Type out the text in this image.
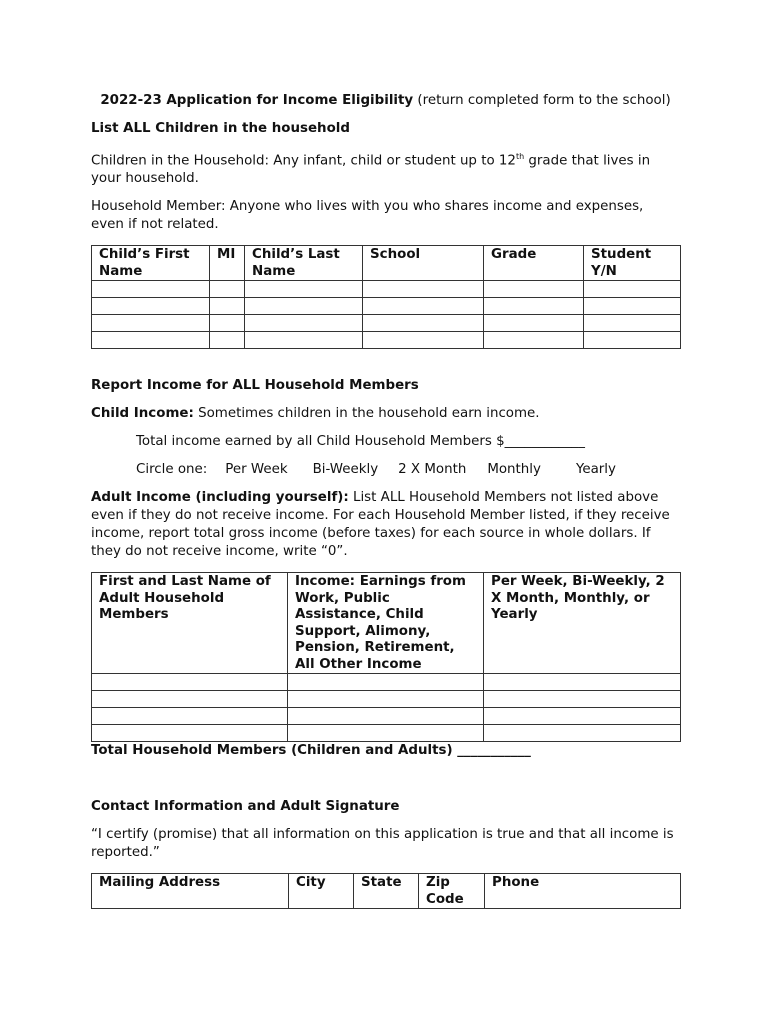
2022-23 Application for Income Eligibility (return completed form to the school)

List ALL Children in the household

Children in the Household: Any infant, child or student up to 12th grade that lives in your household.

Household Member: Anyone who lives with you who shares income and expenses, even if not related.

Child’s First Name	MI	Child’s Last Name	School	Grade	Student Y/N

Report Income for ALL Household Members

Child Income: Sometimes children in the household earn income.

Total income earned by all Child Household Members $____________

Circle one: Per Week Bi-Weekly 2 X Month Monthly	Yearly

Adult Income (including yourself): List ALL Household Members not listed above even if they do not receive income. For each Household Member listed, if they receive income, report total gross income (before taxes) for each source in whole dollars. If they do not receive income, write “0”.

First and Last Name of Adult Household Members	Income: Earnings from Work, Public Assistance, Child Support, Alimony, Pension, Retirement, All Other Income	Per Week, Bi-Weekly, 2 X Month, Monthly, or Yearly

Total Household Members (Children and Adults) ___________

Contact Information and Adult Signature

“I certify (promise) that all information on this application is true and that all income is reported.”

Mailing Address	City	State	Zip Code	Phone
